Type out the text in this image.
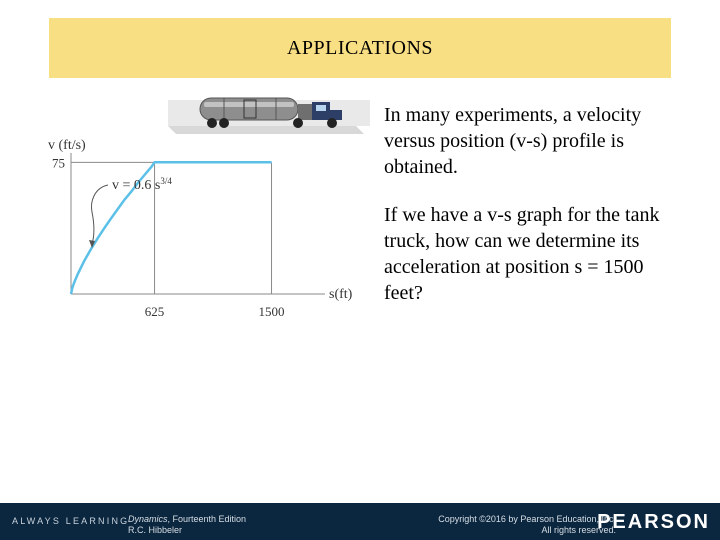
APPLICATIONS
75
625	1500
v (ft/s)
s(ft)
v = 0.6 $s^{3/4}$

In many experiments, a velocity versus position (v-s) profile is obtained.

If we have a v-s graph for the tank truck, how can we determine its acceleration at position s = 1500 feet?

ALWAYS LEARNING
Dynamics, Fourteenth Edition
R.C. Hibbeler
Copyright ©2016 by Pearson Education, Inc.
All rights reserved.
PEARSON
